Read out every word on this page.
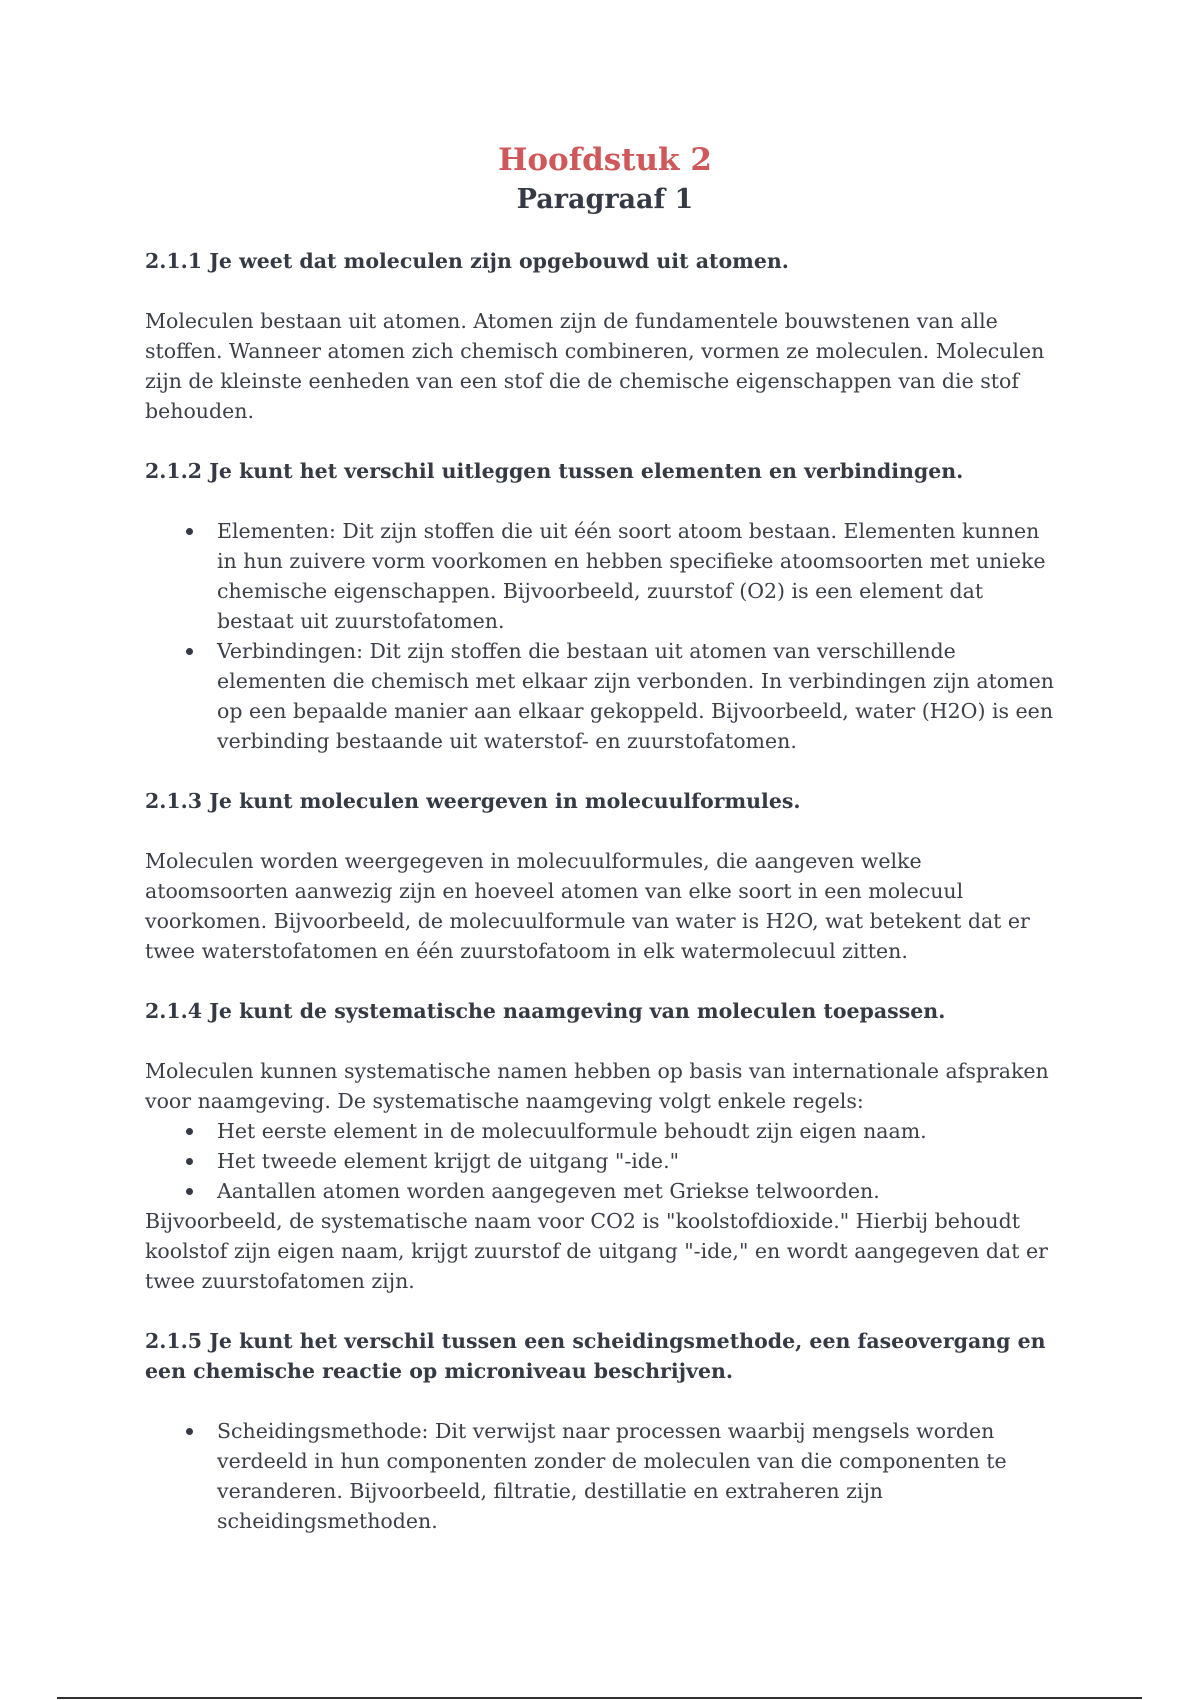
Hoofdstuk 2
Paragraaf 1
2.1.1 Je weet dat moleculen zijn opgebouwd uit atomen.

Moleculen bestaan uit atomen. Atomen zijn de fundamentele bouwstenen van alle stoffen. Wanneer atomen zich chemisch combineren, vormen ze moleculen. Moleculen zijn de kleinste eenheden van een stof die de chemische eigenschappen van die stof behouden.

2.1.2 Je kunt het verschil uitleggen tussen elementen en verbindingen.
Elementen: Dit zijn stoffen die uit één soort atoom bestaan. Elementen kunnen in hun zuivere vorm voorkomen en hebben specifieke atoomsoorten met unieke chemische eigenschappen. Bijvoorbeeld, zuurstof (O2) is een element dat bestaat uit zuurstofatomen.
Verbindingen: Dit zijn stoffen die bestaan uit atomen van verschillende elementen die chemisch met elkaar zijn verbonden. In verbindingen zijn atomen op een bepaalde manier aan elkaar gekoppeld. Bijvoorbeeld, water (H2O) is een verbinding bestaande uit waterstof- en zuurstofatomen.
2.1.3 Je kunt moleculen weergeven in molecuulformules.

Moleculen worden weergegeven in molecuulformules, die aangeven welke atoomsoorten aanwezig zijn en hoeveel atomen van elke soort in een molecuul voorkomen. Bijvoorbeeld, de molecuulformule van water is H2O, wat betekent dat er twee waterstofatomen en één zuurstofatoom in elk watermolecuul zitten.

2.1.4 Je kunt de systematische naamgeving van moleculen toepassen.

Moleculen kunnen systematische namen hebben op basis van internationale afspraken voor naamgeving. De systematische naamgeving volgt enkele regels:

Het eerste element in de molecuulformule behoudt zijn eigen naam.
Het tweede element krijgt de uitgang "-ide."
Aantallen atomen worden aangegeven met Griekse telwoorden.

Bijvoorbeeld, de systematische naam voor CO2 is "koolstofdioxide." Hierbij behoudt koolstof zijn eigen naam, krijgt zuurstof de uitgang "-ide," en wordt aangegeven dat er twee zuurstofatomen zijn.

2.1.5 Je kunt het verschil tussen een scheidingsmethode, een faseovergang en een chemische reactie op microniveau beschrijven.
Scheidingsmethode: Dit verwijst naar processen waarbij mengsels worden verdeeld in hun componenten zonder de moleculen van die componenten te veranderen. Bijvoorbeeld, filtratie, destillatie en extraheren zijn scheidingsmethoden.
